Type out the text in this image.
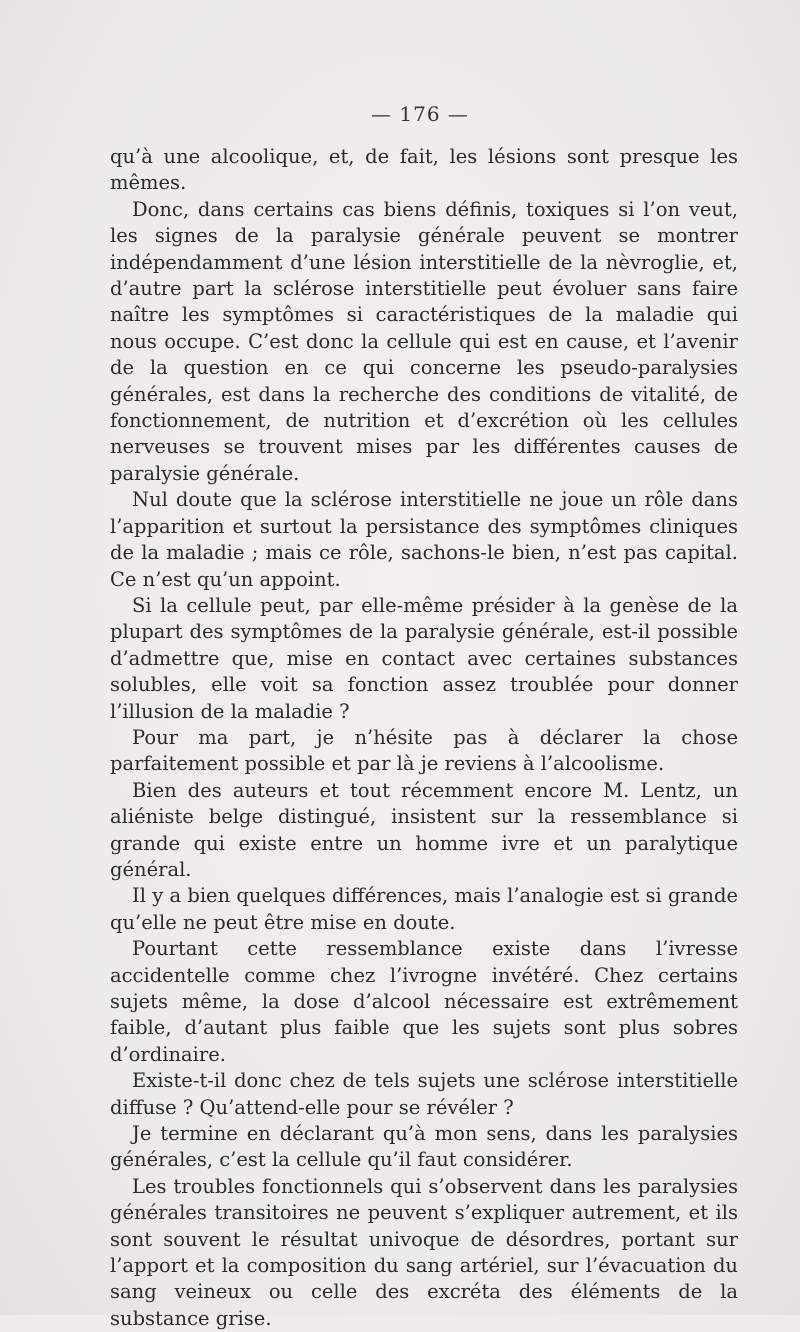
— 176 —

qu’à une alcoolique, et, de fait, les lésions sont presque les mêmes.

Donc, dans certains cas biens définis, toxiques si l’on veut, les signes de la paralysie générale peuvent se montrer indépendamment d’une lésion interstitielle de la nèvroglie, et, d’autre part la sclérose interstitielle peut évoluer sans faire naître les symptômes si caractéristiques de la maladie qui nous occupe. C’est donc la cellule qui est en cause, et l’avenir de la question en ce qui concerne les pseudo-paralysies générales, est dans la recherche des conditions de vitalité, de fonctionnement, de nutrition et d’excrétion où les cellules nerveuses se trouvent mises par les différentes causes de paralysie générale.

Nul doute que la sclérose interstitielle ne joue un rôle dans l’apparition et surtout la persistance des symptômes cliniques de la maladie ; mais ce rôle, sachons-le bien, n’est pas capital. Ce n’est qu’un appoint.

Si la cellule peut, par elle-même présider à la genèse de la plupart des symptômes de la paralysie générale, est-il possible d’admettre que, mise en contact avec certaines substances solubles, elle voit sa fonction assez troublée pour donner l’illusion de la maladie ?

Pour ma part, je n’hésite pas à déclarer la chose parfaitement possible et par là je reviens à l’alcoolisme.

Bien des auteurs et tout récemment encore M. Lentz, un aliéniste belge distingué, insistent sur la ressemblance si grande qui existe entre un homme ivre et un paralytique général.

Il y a bien quelques différences, mais l’analogie est si grande qu’elle ne peut être mise en doute.

Pourtant cette ressemblance existe dans l’ivresse accidentelle comme chez l’ivrogne invétéré. Chez certains sujets même, la dose d’alcool nécessaire est extrêmement faible, d’autant plus faible que les sujets sont plus sobres d’ordinaire.

Existe-t-il donc chez de tels sujets une sclérose interstitielle diffuse ? Qu’attend-elle pour se révéler ?

Je termine en déclarant qu’à mon sens, dans les paralysies générales, c’est la cellule qu’il faut considérer.

Les troubles fonctionnels qui s’observent dans les paralysies générales transitoires ne peuvent s’expliquer autrement, et ils sont souvent le résultat univoque de désordres, portant sur l’apport et la composition du sang artériel, sur l’évacuation du sang veineux ou celle des excréta des éléments de la substance grise.
